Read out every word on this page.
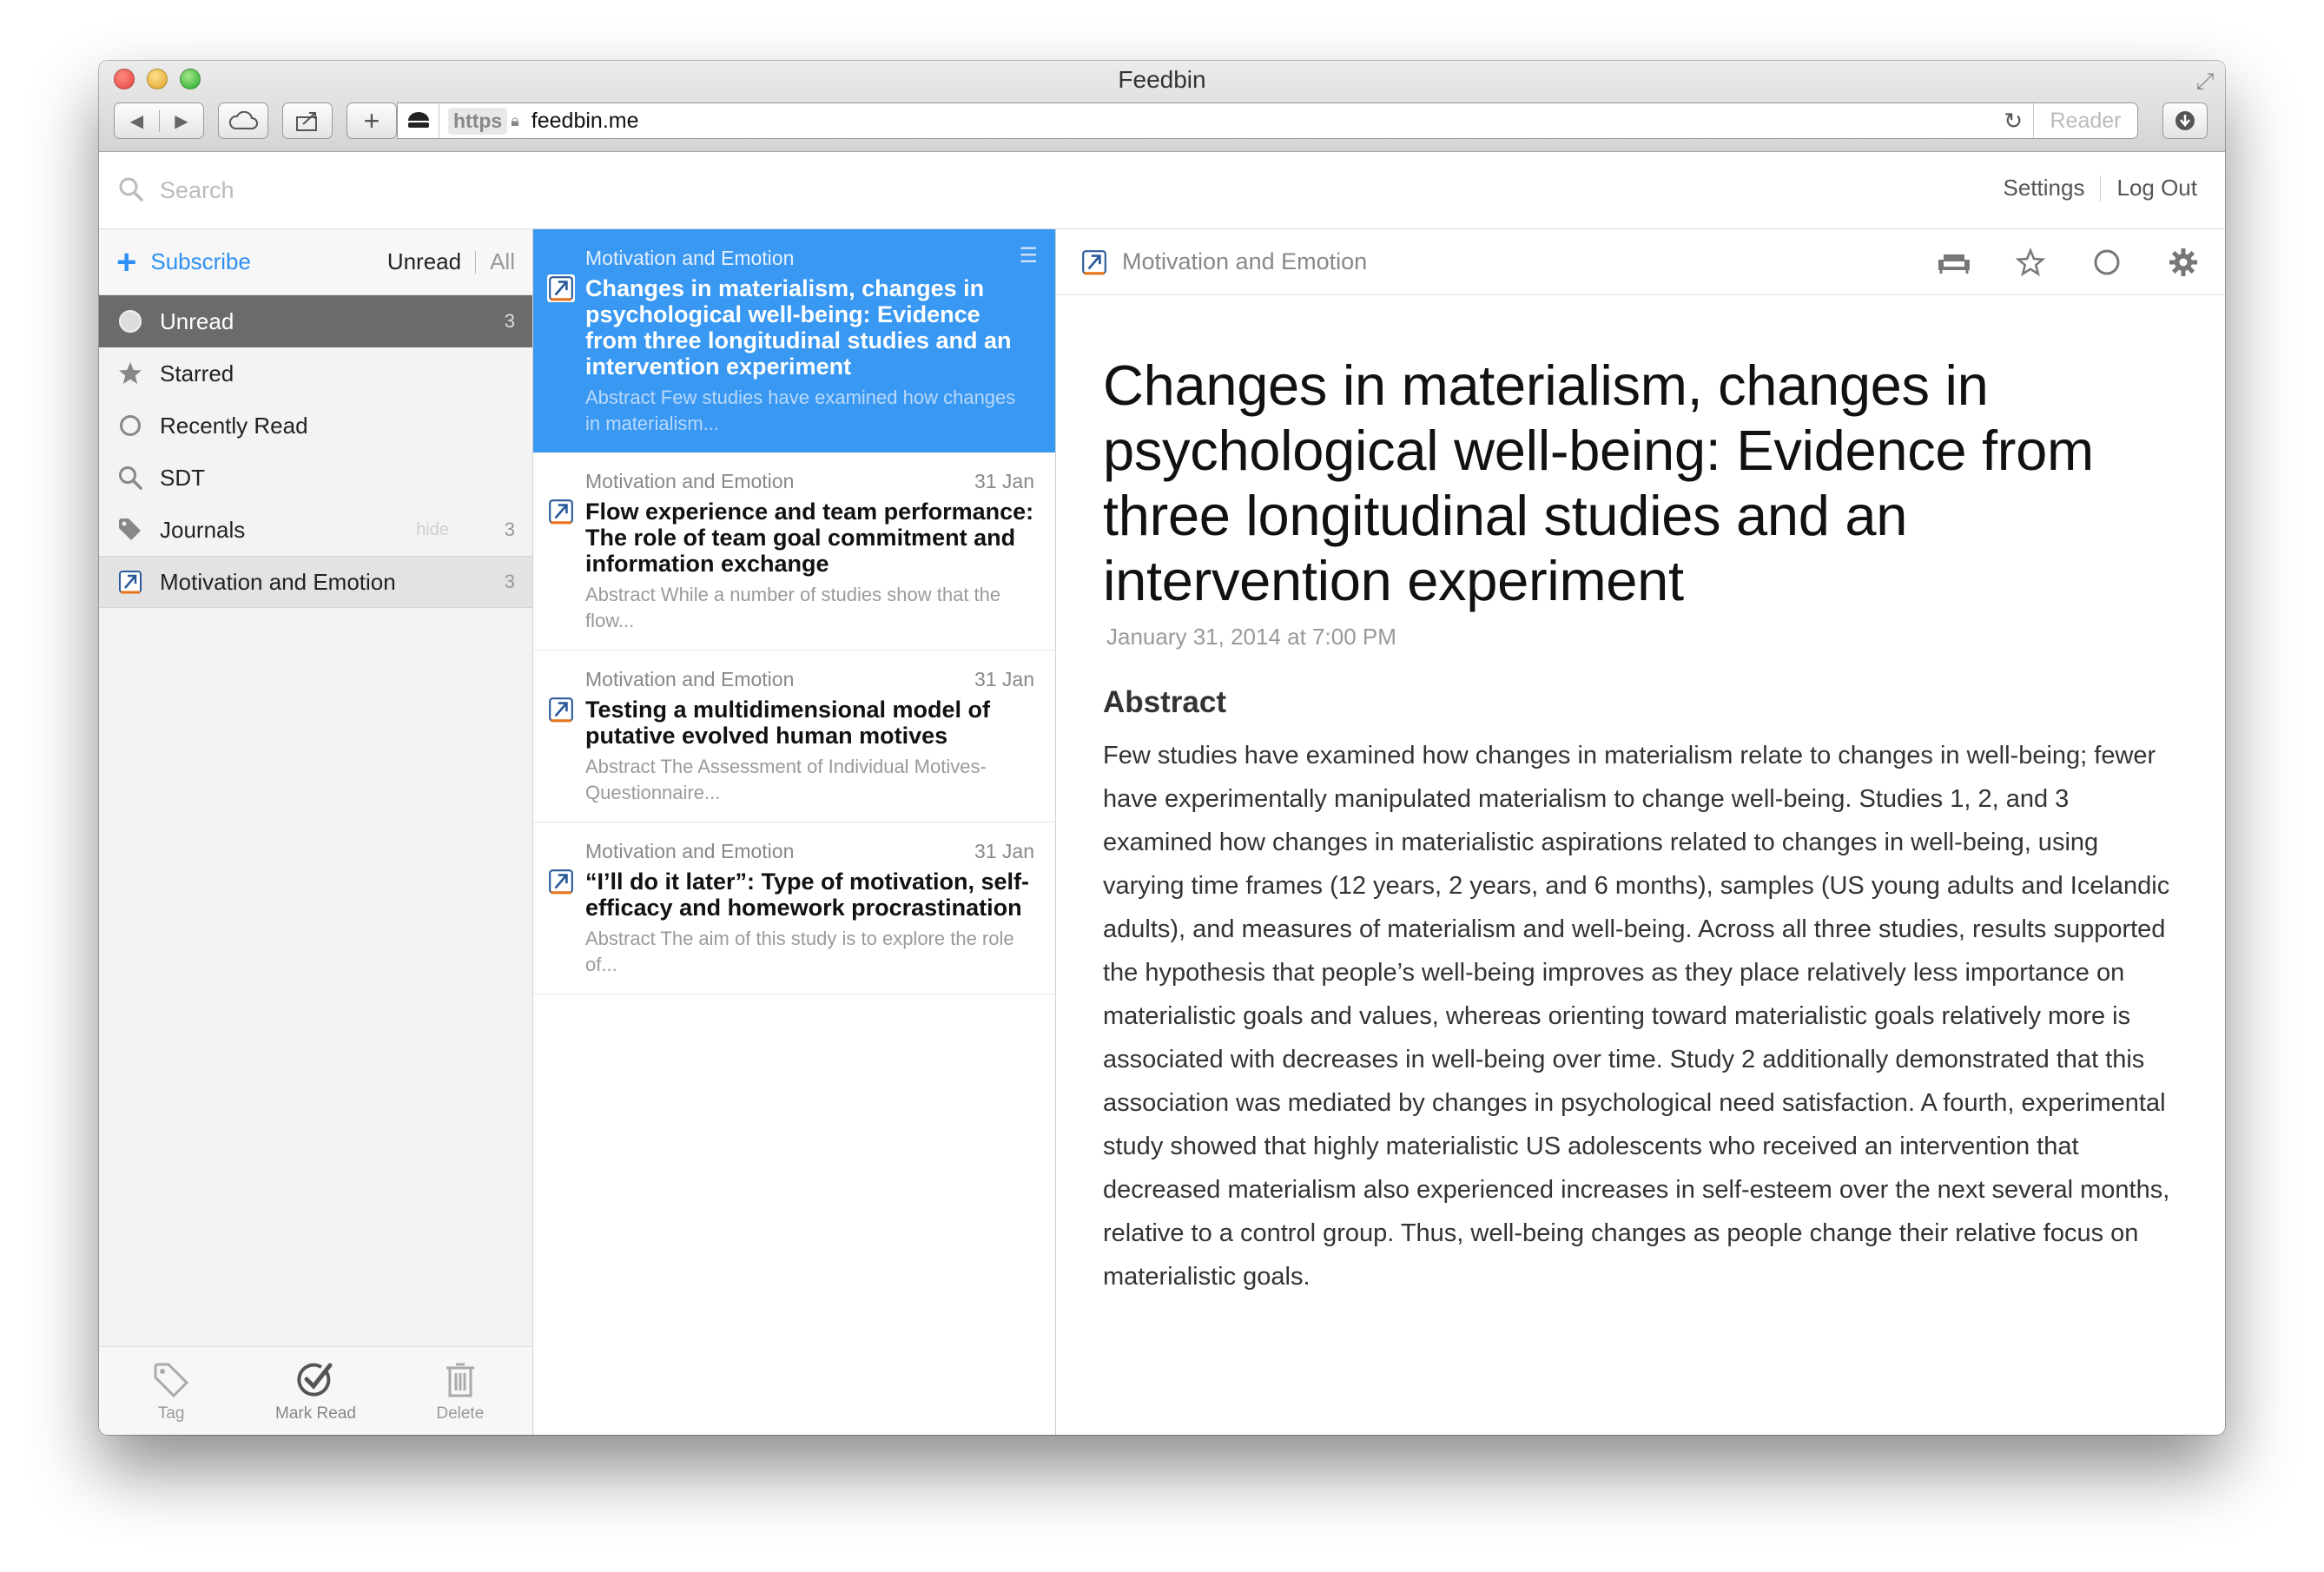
Feedbin	⤢
◀	▶	+	https 🔒︎ feedbin.me	↻	Reader
Search
Settings Log Out
+ Subscribe	Unread All
Unread	3
Starred
Recently Read
SDT
Journals	hide	3
Motivation and Emotion	3
Tag	Mark Read	Delete
☰
Motivation and Emotion
Changes in materialism, changes in psychological well-being: Evidence from three longitudinal studies and an intervention experiment
Abstract Few studies have examined how changes in materialism...
Motivation and Emotion	31 Jan
Flow experience and team performance: The role of team goal commitment and information exchange
Abstract While a number of studies show that the flow...
Motivation and Emotion	31 Jan
Testing a multidimensional model of putative evolved human motives
Abstract The Assessment of Individual Motives-Questionnaire...
Motivation and Emotion	31 Jan
“I’ll do it later”: Type of motivation, self-efficacy and homework procrastination
Abstract The aim of this study is to explore the role of...
Motivation and Emotion
Changes in materialism, changes in psychological well-being: Evidence from three longitudinal studies and an intervention experiment
January 31, 2014 at 7:00 PM
Abstract

Few studies have examined how changes in materialism relate to changes in well-being; fewer have experimentally manipulated materialism to change well-being. Studies 1, 2, and 3 examined how changes in materialistic aspirations related to changes in well-being, using varying time frames (12 years, 2 years, and 6 months), samples (US young adults and Icelandic adults), and measures of materialism and well-being. Across all three studies, results supported the hypothesis that people’s well-being improves as they place relatively less importance on materialistic goals and values, whereas orienting toward materialistic goals relatively more is associated with decreases in well-being over time. Study 2 additionally demonstrated that this association was mediated by changes in psychological need satisfaction. A fourth, experimental study showed that highly materialistic US adolescents who received an intervention that decreased materialism also experienced increases in self-esteem over the next several months, relative to a control group. Thus, well-being changes as people change their relative focus on materialistic goals.
